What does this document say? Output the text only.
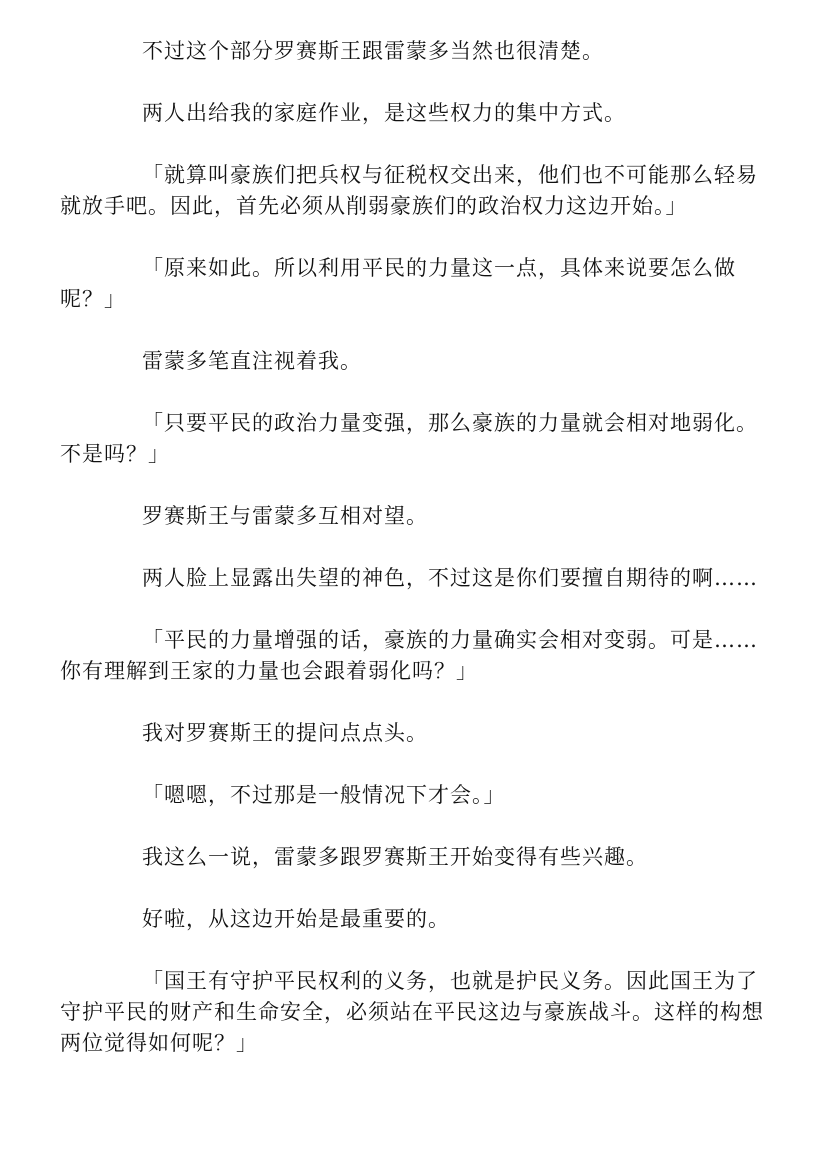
不过这个部分罗赛斯王跟雷蒙多当然也很清楚。

两人出给我的家庭作业，是这些权力的集中方式。

「就算叫豪族们把兵权与征税权交出来，他们也不可能那么轻易就放手吧。因此，首先必须从削弱豪族们的政治权力这边开始。」

「原来如此。所以利用平民的力量这一点，具体来说要怎么做呢？」

雷蒙多笔直注视着我。

「只要平民的政治力量变强，那么豪族的力量就会相对地弱化。不是吗？」

罗赛斯王与雷蒙多互相对望。

两人脸上显露出失望的神色，不过这是你们要擅自期待的啊……

「平民的力量增强的话，豪族的力量确实会相对变弱。可是……你有理解到王家的力量也会跟着弱化吗？」

我对罗赛斯王的提问点点头。

「嗯嗯，不过那是一般情况下才会。」

我这么一说，雷蒙多跟罗赛斯王开始变得有些兴趣。

好啦，从这边开始是最重要的。

「国王有守护平民权利的义务，也就是护民义务。因此国王为了守护平民的财产和生命安全，必须站在平民这边与豪族战斗。这样的构想两位觉得如何呢？」
